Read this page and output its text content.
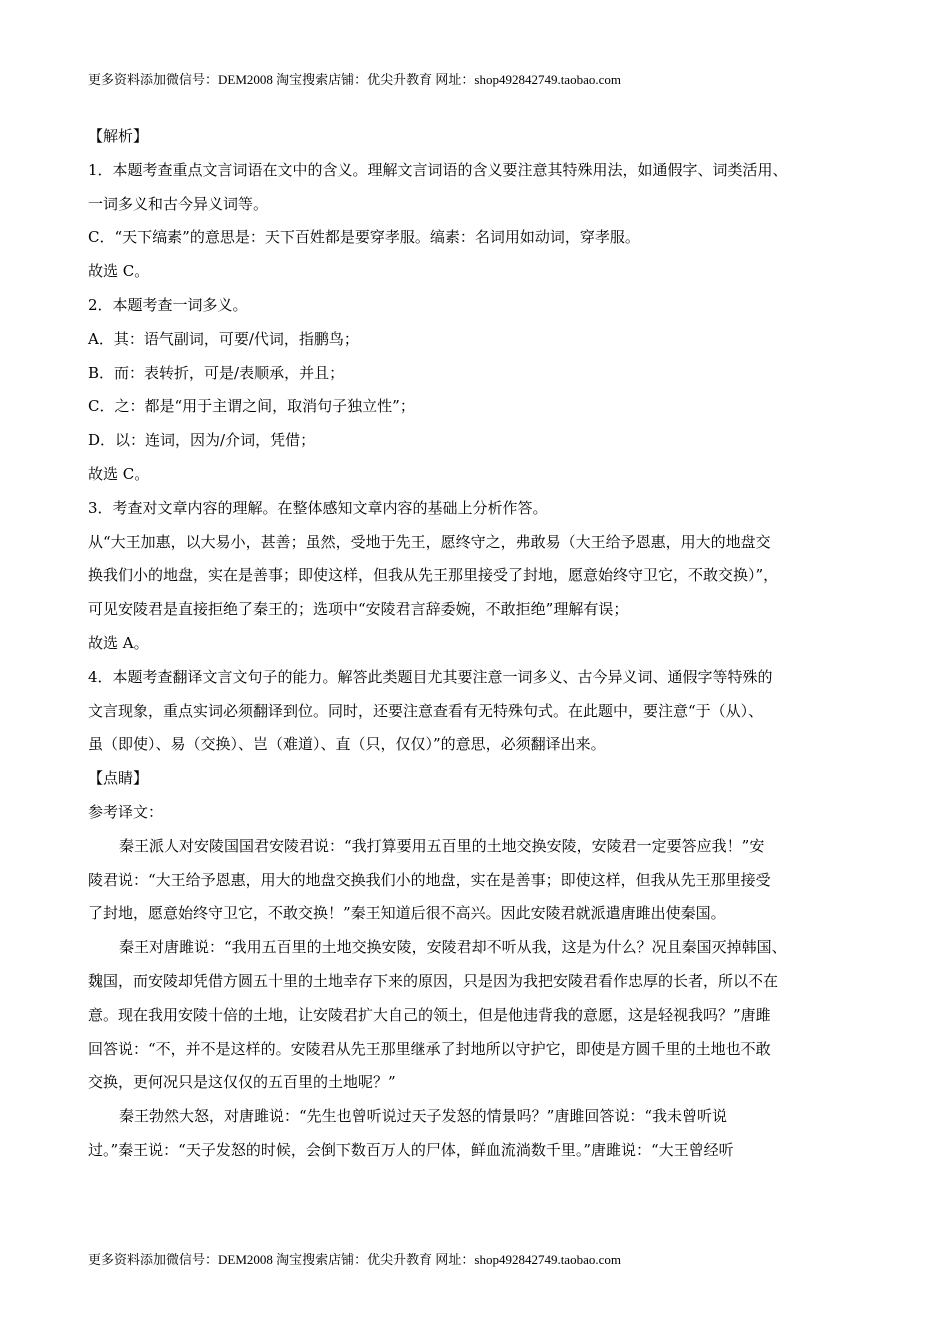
更多资料添加微信号：DEM2008 淘宝搜索店铺：优尖升教育 网址：shop492842749.taobao.com
【解析】
1．本题考查重点文言词语在文中的含义。理解文言词语的含义要注意其特殊用法，如通假字、词类活用、
一词多义和古今异义词等。
C．“天下缟素”的意思是：天下百姓都是要穿孝服。缟素：名词用如动词，穿孝服。
故选 C。
2．本题考查一词多义。
A．其：语气副词，可要/代词，指鹏鸟；
B．而：表转折，可是/表顺承，并且；
C．之：都是“用于主谓之间，取消句子独立性”；
D．以：连词，因为/介词，凭借；
故选 C。
3．考查对文章内容的理解。在整体感知文章内容的基础上分析作答。
从“大王加惠，以大易小，甚善；虽然，受地于先王，愿终守之，弗敢易（大王给予恩惠，用大的地盘交
换我们小的地盘，实在是善事；即使这样，但我从先王那里接受了封地，愿意始终守卫它，不敢交换）”，
可见安陵君是直接拒绝了秦王的；选项中“安陵君言辞委婉，不敢拒绝”理解有误；
故选 A。
4．本题考查翻译文言文句子的能力。解答此类题目尤其要注意一词多义、古今异义词、通假字等特殊的
文言现象，重点实词必须翻译到位。同时，还要注意查看有无特殊句式。在此题中，要注意“于（从）、
虽（即使）、易（交换）、岂（难道）、直（只，仅仅）”的意思，必须翻译出来。
【点睛】
参考译文：
秦王派人对安陵国国君安陵君说：“我打算要用五百里的土地交换安陵，安陵君一定要答应我！”安
陵君说：“大王给予恩惠，用大的地盘交换我们小的地盘，实在是善事；即使这样，但我从先王那里接受
了封地，愿意始终守卫它，不敢交换！”秦王知道后很不高兴。因此安陵君就派遣唐雎出使秦国。
秦王对唐雎说：“我用五百里的土地交换安陵，安陵君却不听从我，这是为什么？况且秦国灭掉韩国、
魏国，而安陵却凭借方圆五十里的土地幸存下来的原因，只是因为我把安陵君看作忠厚的长者，所以不在
意。现在我用安陵十倍的土地，让安陵君扩大自己的领土，但是他违背我的意愿，这是轻视我吗？”唐雎
回答说：“不，并不是这样的。安陵君从先王那里继承了封地所以守护它，即使是方圆千里的土地也不敢
交换，更何况只是这仅仅的五百里的土地呢？”
秦王勃然大怒，对唐雎说：“先生也曾听说过天子发怒的情景吗？”唐雎回答说：“我未曾听说
过。”秦王说：“天子发怒的时候，会倒下数百万人的尸体，鲜血流淌数千里。”唐雎说：“大王曾经听
更多资料添加微信号：DEM2008 淘宝搜索店铺：优尖升教育 网址：shop492842749.taobao.com
